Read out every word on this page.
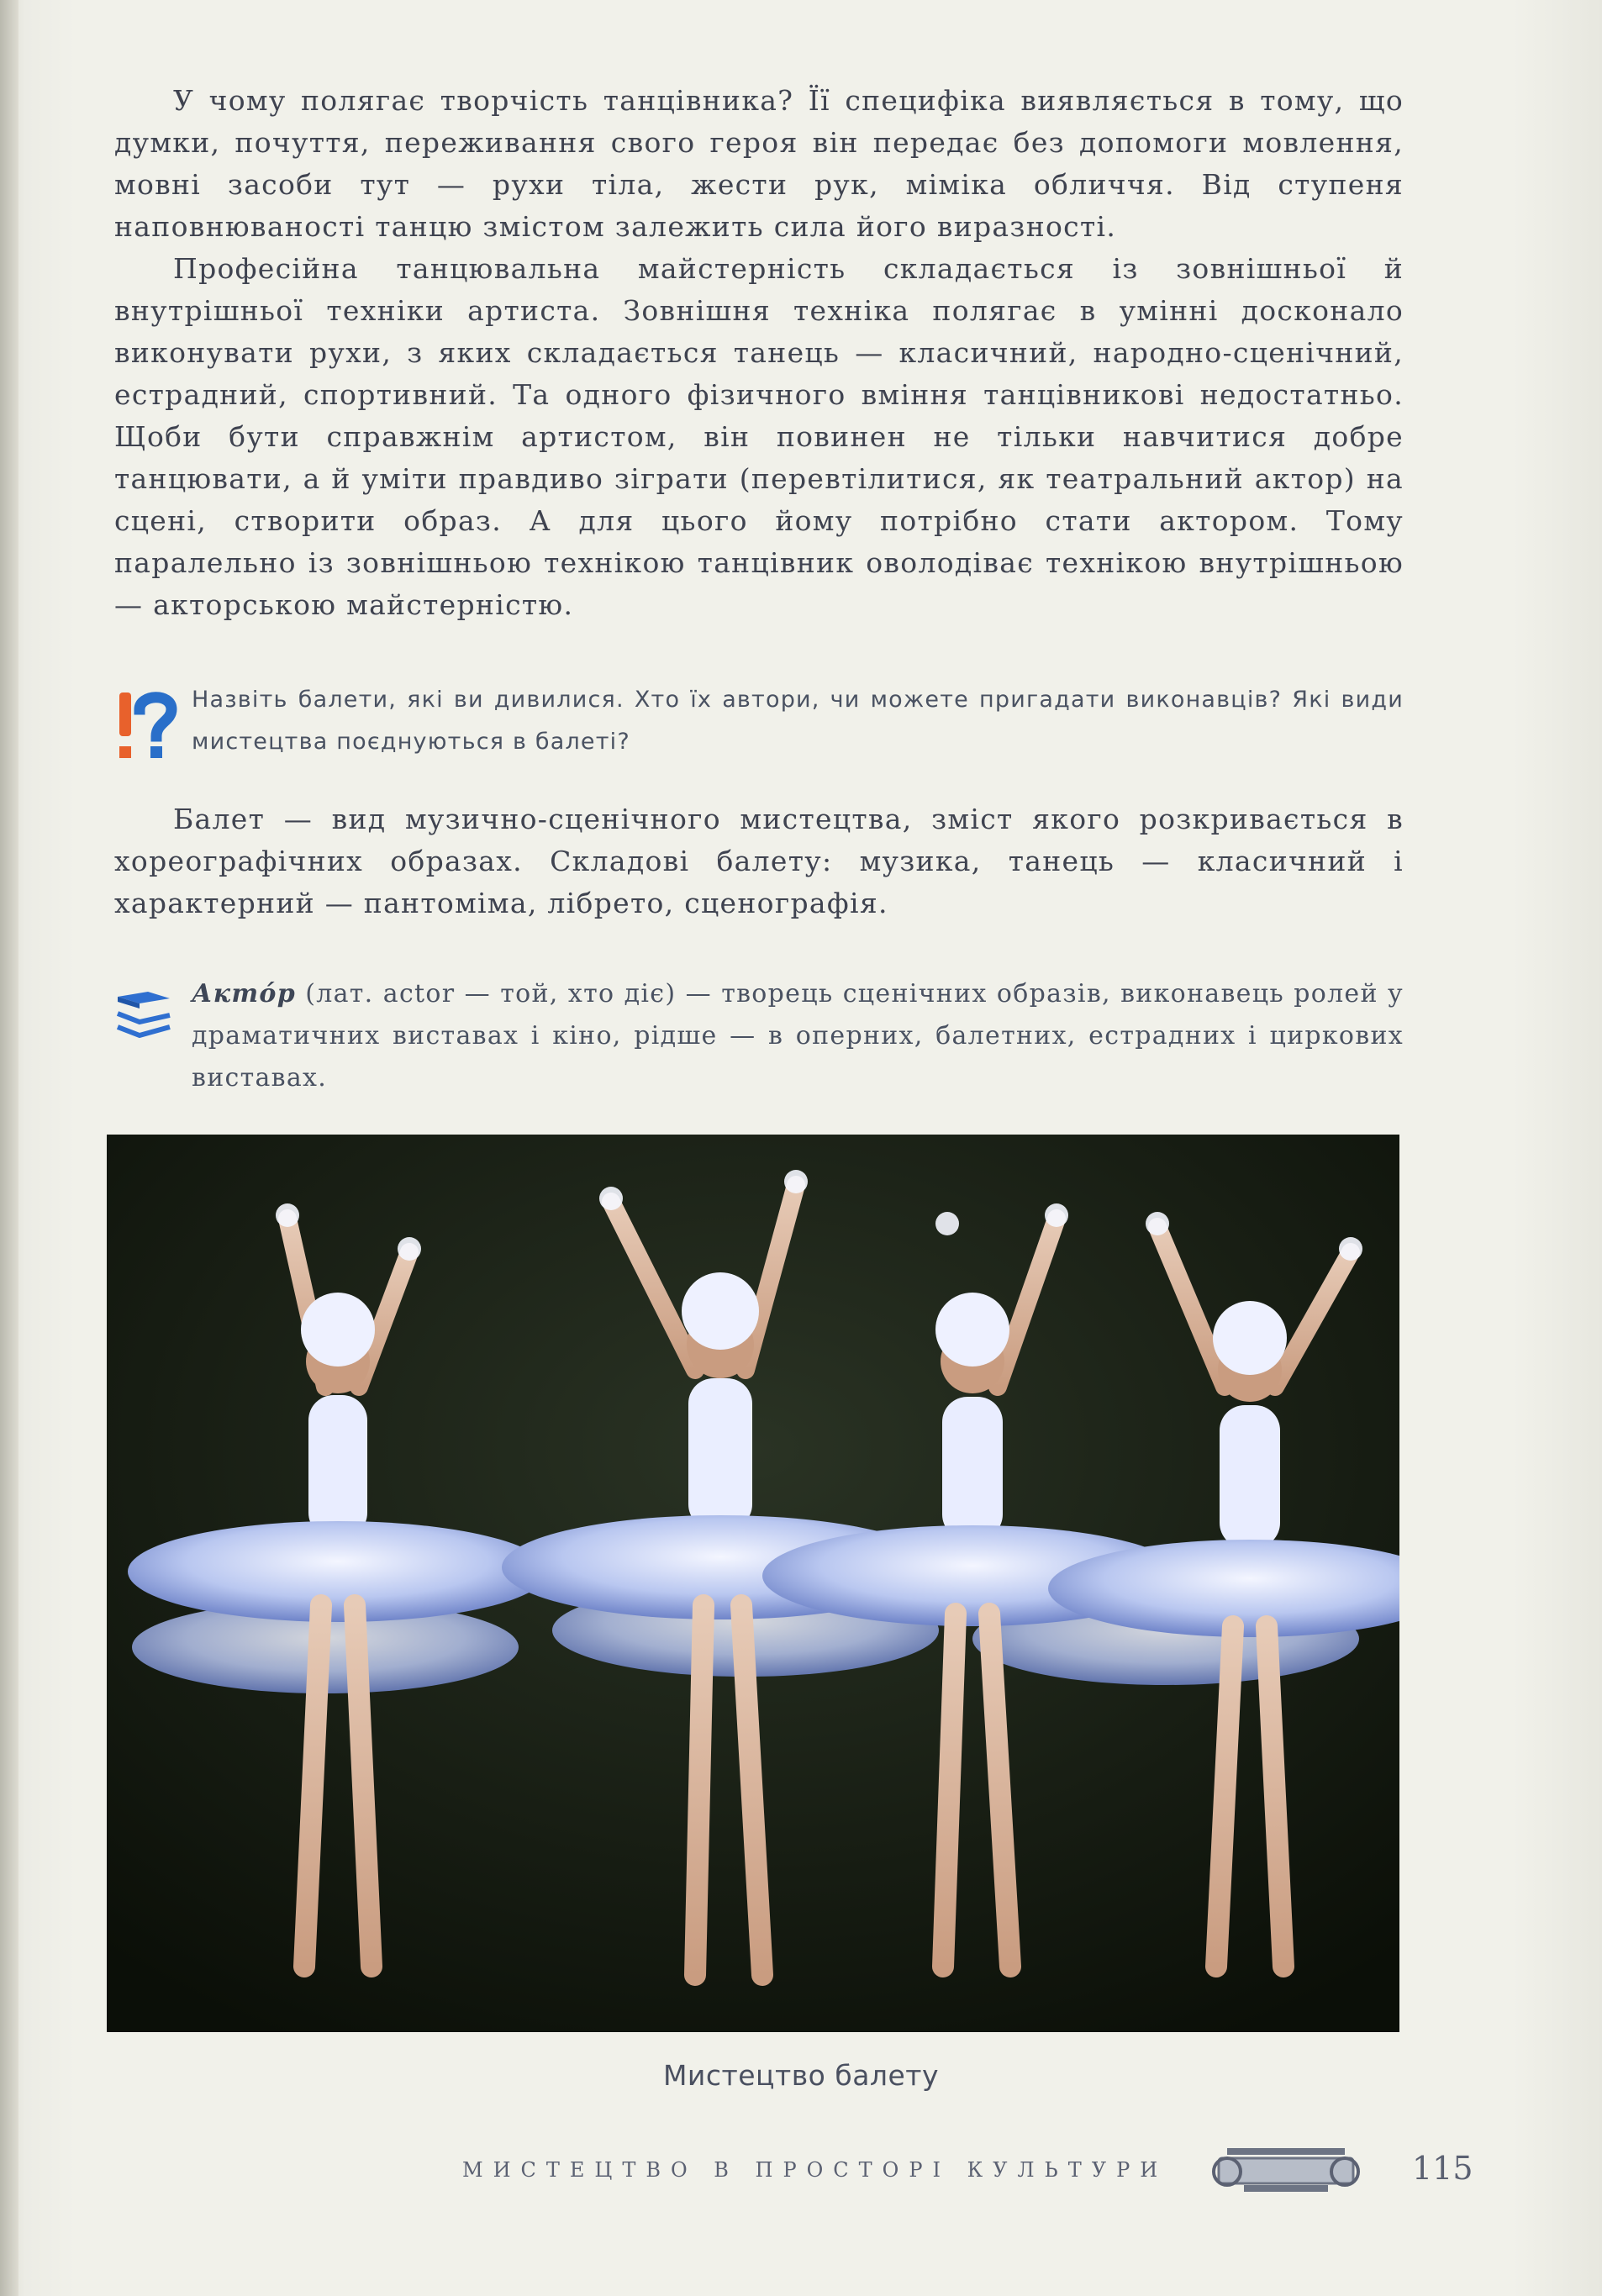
У чому полягає творчість танцівника? Її специфіка виявляється в тому, що думки, почуття, переживання свого героя він передає без допомоги мовлення, мовні засоби тут — рухи тіла, жести рук, міміка обличчя. Від ступеня наповнюваності танцю змістом залежить сила його виразності.

Професійна танцювальна майстерність складається із зовнішньої й внутрішньої техніки артиста. Зовнішня техніка полягає в умінні досконало виконувати рухи, з яких складається танець — класичний, народно-сценічний, естрадний, спортивний. Та одного фізичного вміння танцівникові недостатньо. Щоби бути справжнім артистом, він повинен не тільки навчитися добре танцювати, а й уміти правдиво зіграти (перевтілитися, як театральний актор) на сцені, створити образ. А для цього йому потрібно стати актором. Тому паралельно із зовнішньою технікою танцівник оволодіває технікою внутрішньою — акторською майстерністю.

Назвіть балети, які ви дивилися. Хто їх автори, чи можете пригадати виконавців? Які види мистецтва поєднуються в балеті?

Балет — вид музично-сценічного мистецтва, зміст якого розкривається в хореографічних образах. Складові балету: музика, танець — класичний і характерний — пантоміма, лібрето, сценографія.

Актóр (лат. actor — той, хто діє) — творець сценічних образів, виконавець ролей у драматичних виставах і кіно, рідше — в оперних, балетних, естрадних і циркових виставах.
Мистецтво балету
МИСТЕЦТВО В ПРОСТОРІ КУЛЬТУРИ	115
